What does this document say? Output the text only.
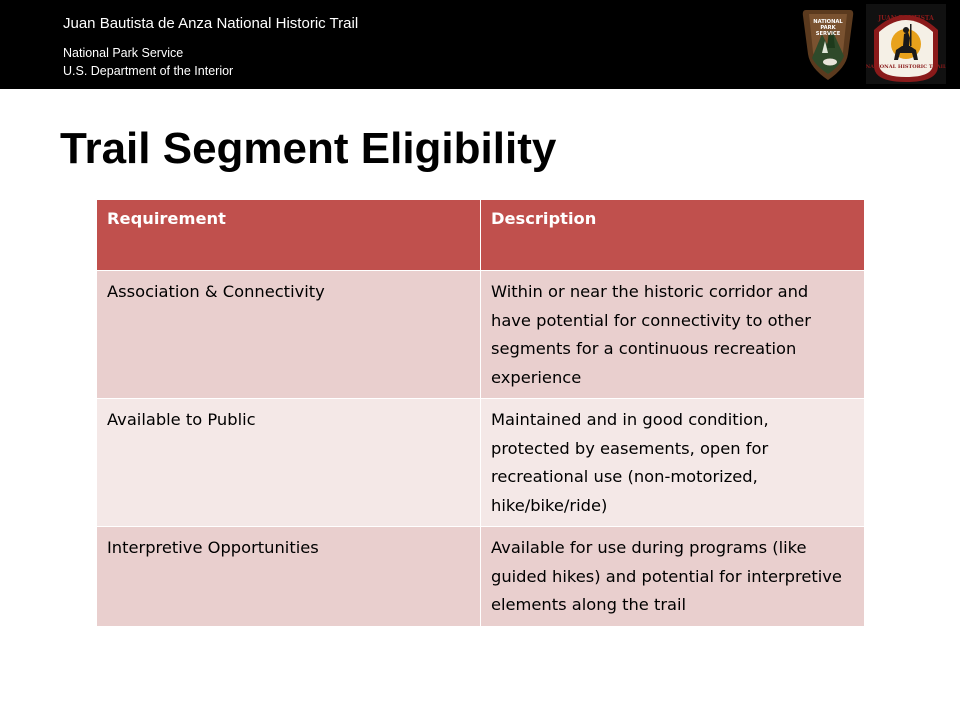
Juan Bautista de Anza National Historic Trail
National Park Service
U.S. Department of the Interior
NATIONAL
PARK
SERVICE
JUAN BAUTISTA
NATIONAL HISTORIC TRAIL
Trail Segment Eligibility
Requirement	Description
Association & Connectivity	Within or near the historic corridor and have potential for connectivity to other segments for a continuous recreation experience
Available to Public	Maintained and in good condition, protected by easements, open for recreational use (non-motorized, hike/bike/ride)
Interpretive Opportunities	Available for use during programs (like guided hikes) and potential for interpretive elements along the trail
